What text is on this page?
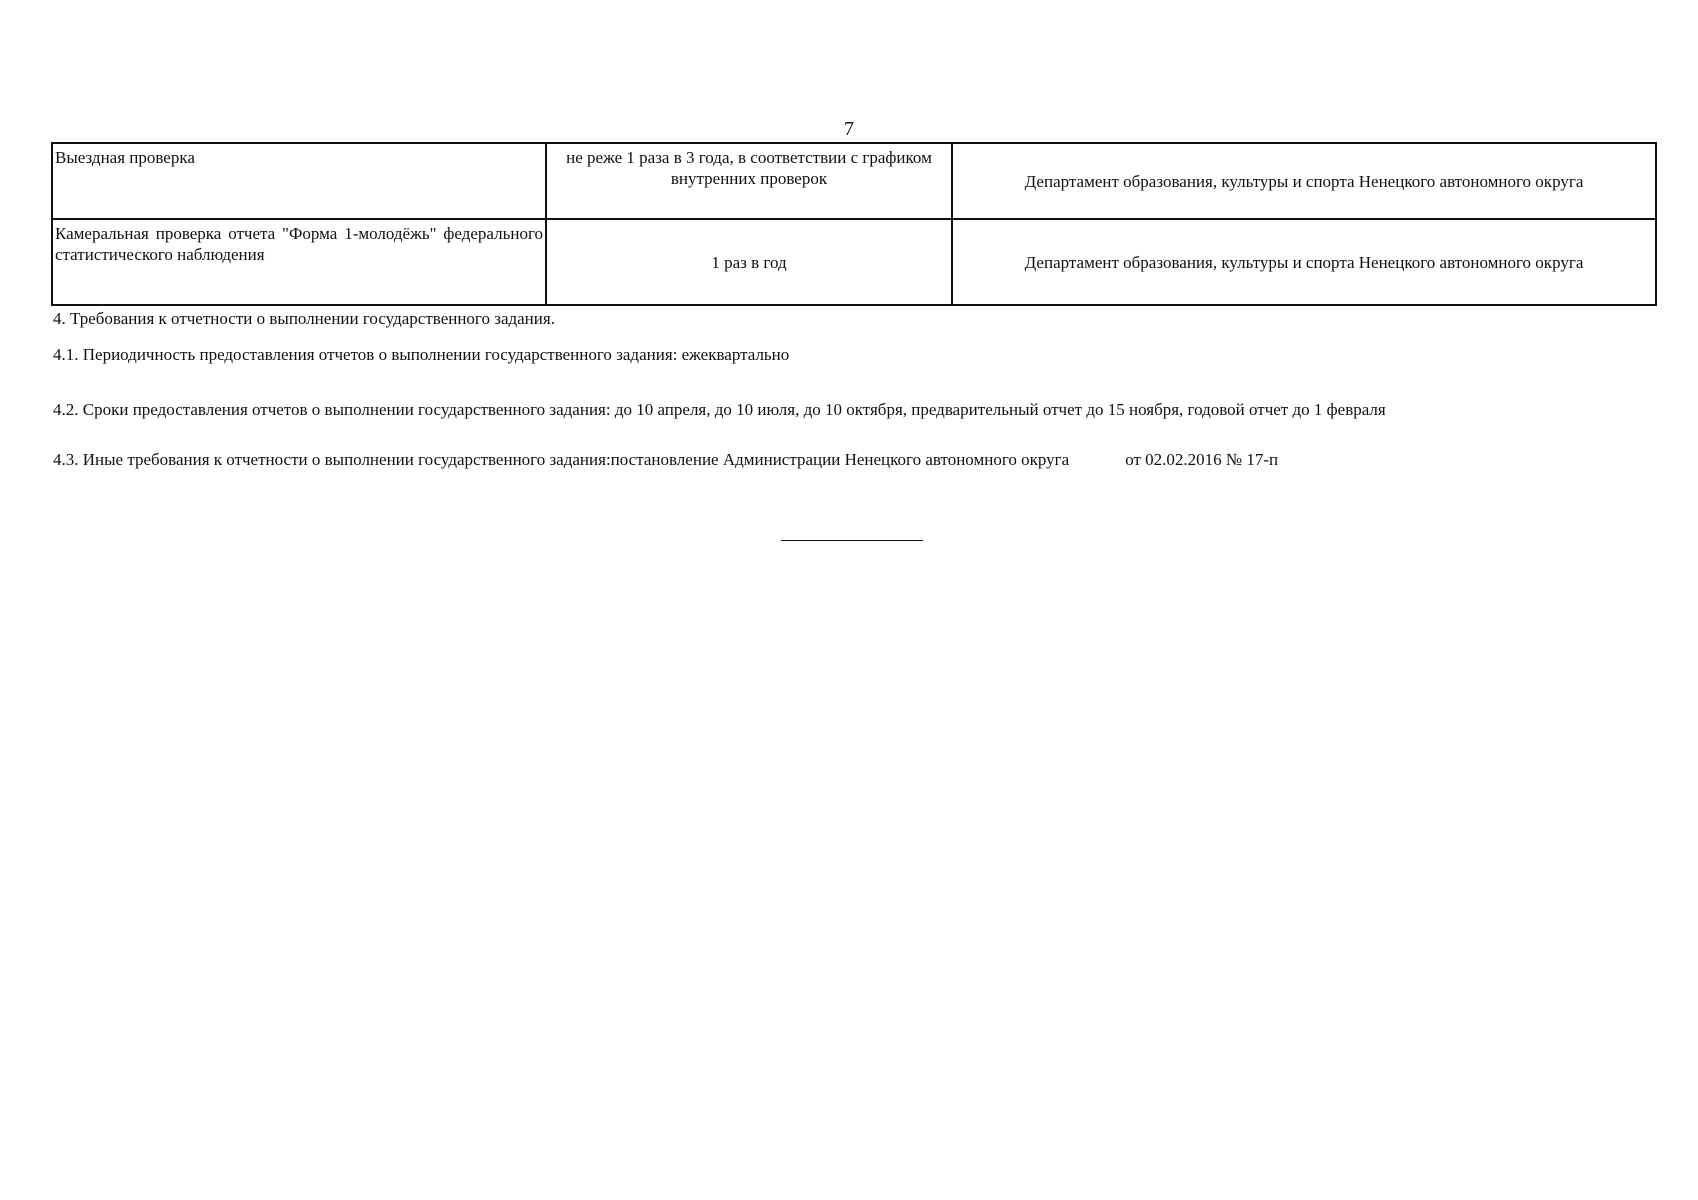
7
Выездная проверка	не реже 1 раза в 3 года, в соответствии с графиком внутренних проверок	Департамент образования, культуры и спорта Ненецкого автономного округа
Камеральная проверка отчета "Форма 1-молодёжь" федерального статистического наблюдения	1 раз в год	Департамент образования, культуры и спорта Ненецкого автономного округа
4. Требования к отчетности о выполнении государственного задания.
4.1. Периодичность предоставления отчетов о выполнении государственного задания: ежеквартально
4.2. Сроки предоставления отчетов о выполнении государственного задания: до 10 апреля, до 10 июля, до 10 октября, предварительный отчет до 15 ноября, годовой отчет до 1 февраля
4.3. Иные требования к отчетности о выполнении государственного задания:постановление Администрации Ненецкого автономного округа	от 02.02.2016 № 17-п
